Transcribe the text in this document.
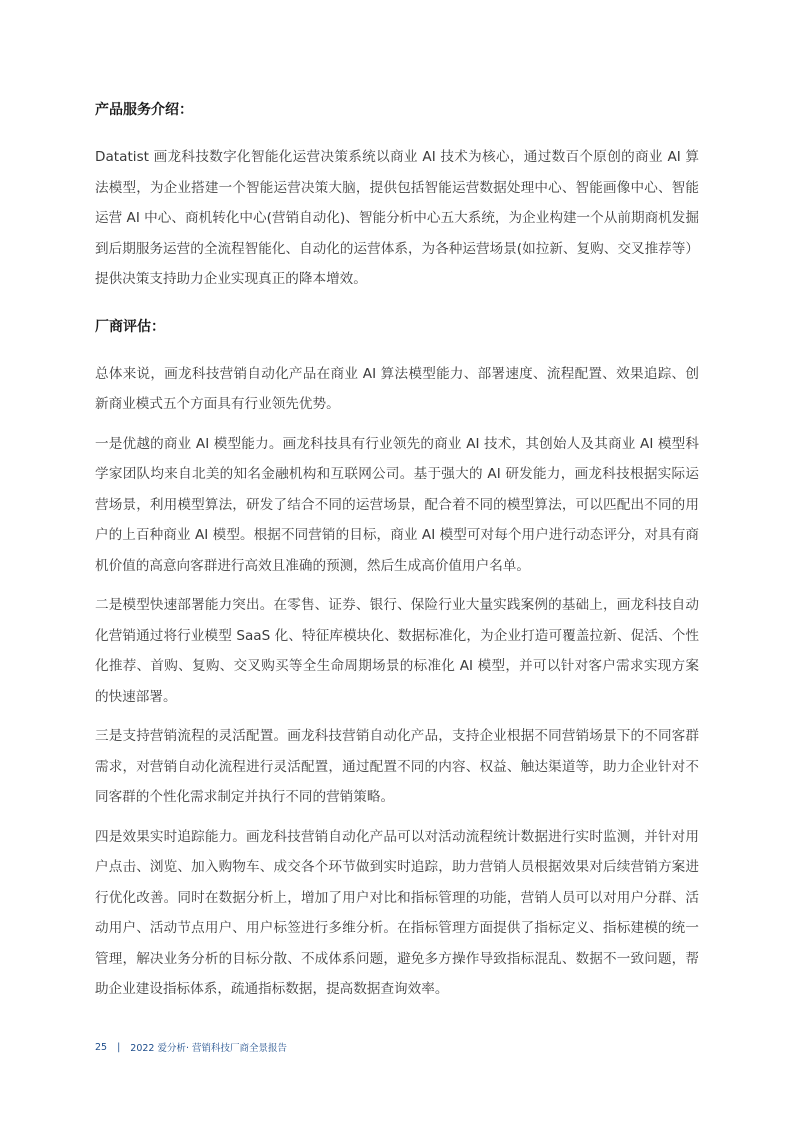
产品服务介绍：

Datatist 画龙科技数字化智能化运营决策系统以商业 AI 技术为核心，通过数百个原创的商业 AI 算法模型，为企业搭建一个智能运营决策大脑，提供包括智能运营数据处理中心、智能画像中心、智能运营 AI 中心、商机转化中心(营销自动化)、智能分析中心五大系统，为企业构建一个从前期商机发掘到后期服务运营的全流程智能化、自动化的运营体系，为各种运营场景(如拉新、复购、交叉推荐等）提供决策支持助力企业实现真正的降本增效。

厂商评估：

总体来说，画龙科技营销自动化产品在商业 AI 算法模型能力、部署速度、流程配置、效果追踪、创新商业模式五个方面具有行业领先优势。

一是优越的商业 AI 模型能力。画龙科技具有行业领先的商业 AI 技术，其创始人及其商业 AI 模型科学家团队均来自北美的知名金融机构和互联网公司。基于强大的 AI 研发能力，画龙科技根据实际运营场景，利用模型算法，研发了结合不同的运营场景，配合着不同的模型算法，可以匹配出不同的用户的上百种商业 AI 模型。根据不同营销的目标，商业 AI 模型可对每个用户进行动态评分，对具有商机价值的高意向客群进行高效且准确的预测，然后生成高价值用户名单。

二是模型快速部署能力突出。在零售、证券、银行、保险行业大量实践案例的基础上，画龙科技自动化营销通过将行业模型 SaaS 化、特征库模块化、数据标准化，为企业打造可覆盖拉新、促活、个性化推荐、首购、复购、交叉购买等全生命周期场景的标准化 AI 模型，并可以针对客户需求实现方案的快速部署。

三是支持营销流程的灵活配置。画龙科技营销自动化产品，支持企业根据不同营销场景下的不同客群需求，对营销自动化流程进行灵活配置，通过配置不同的内容、权益、触达渠道等，助力企业针对不同客群的个性化需求制定并执行不同的营销策略。

四是效果实时追踪能力。画龙科技营销自动化产品可以对活动流程统计数据进行实时监测，并针对用户点击、浏览、加入购物车、成交各个环节做到实时追踪，助力营销人员根据效果对后续营销方案进行优化改善。同时在数据分析上，增加了用户对比和指标管理的功能，营销人员可以对用户分群、活动用户、活动节点用户、用户标签进行多维分析。在指标管理方面提供了指标定义、指标建模的统一管理，解决业务分析的目标分散、不成体系问题，避免多方操作导致指标混乱、数据不一致问题，帮助企业建设指标体系，疏通指标数据，提高数据查询效率。

25 | 2022 爱分析· 营销科技厂商全景报告
